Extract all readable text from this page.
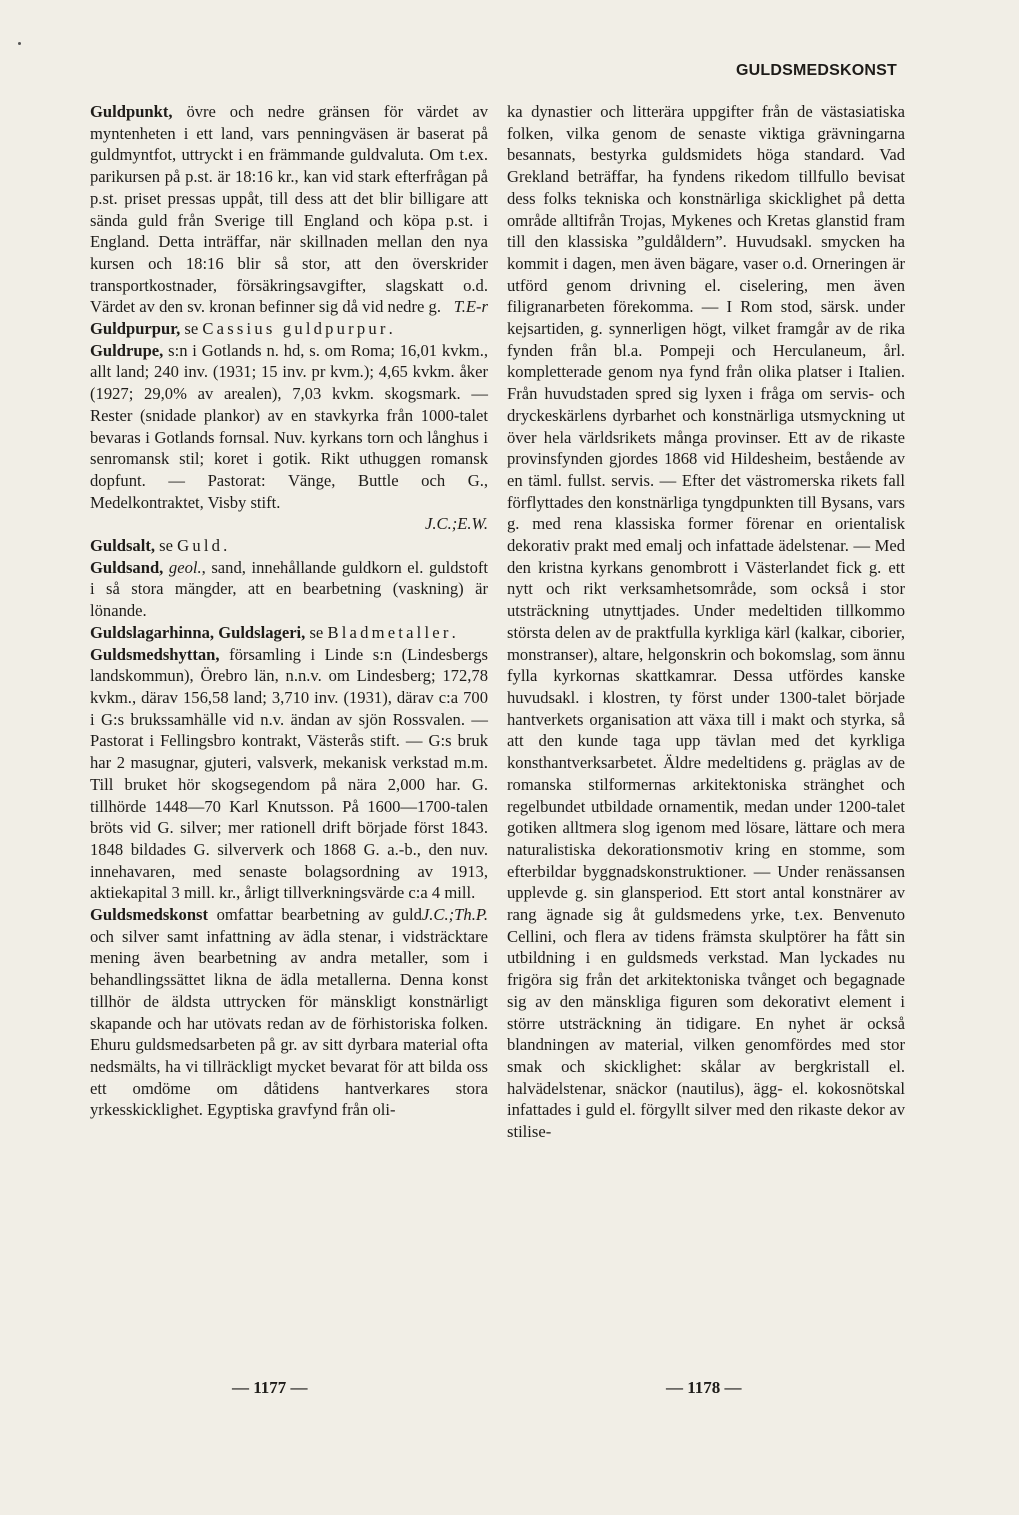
GULDSMEDSKONST

Guldpunkt, övre och nedre gränsen för värdet av myntenheten i ett land, vars penningväsen är baserat på guldmyntfot, uttryckt i en främmande guldvaluta. Om t.ex. parikursen på p.st. är 18:16 kr., kan vid stark efterfrågan på p.st. priset pressas uppåt, till dess att det blir billigare att sända guld från Sverige till England och köpa p.st. i England. Detta inträffar, när skillnaden mellan den nya kursen och 18:16 blir så stor, att den överskrider transportkostnader, försäkringsavgifter, slagskatt o.d. Värdet av den sv. kronan befinner sig då vid nedre g. T.E-r

Guldpurpur, se Cassius guldpurpur.

Guldrupe, s:n i Gotlands n. hd, s. om Roma; 16,01 kvkm., allt land; 240 inv. (1931; 15 inv. pr kvm.); 4,65 kvkm. åker (1927; 29,0% av arealen), 7,03 kvkm. skogsmark. — Rester (snidade plankor) av en stavkyrka från 1000-talet bevaras i Gotlands fornsal. Nuv. kyrkans torn och långhus i senromansk stil; koret i gotik. Rikt uthuggen romansk dopfunt. — Pastorat: Vänge, Buttle och G., Medelkontraktet, Visby stift.
J.C.;E.W.

Guldsalt, se Guld.

Guldsand, geol., sand, innehållande guldkorn el. guldstoft i så stora mängder, att en bearbetning (vaskning) är lönande.

Guldslagarhinna, Guldslageri, se Bladmetaller.

Guldsmedshyttan, församling i Linde s:n (Lindesbergs landskommun), Örebro län, n.n.v. om Lindesberg; 172,78 kvkm., därav 156,58 land; 3,710 inv. (1931), därav c:a 700 i G:s brukssamhälle vid n.v. ändan av sjön Rossvalen. — Pastorat i Fellingsbro kontrakt, Västerås stift. — G:s bruk har 2 masugnar, gjuteri, valsverk, mekanisk verkstad m.m. Till bruket hör skogsegendom på nära 2,000 har. G. tillhörde 1448—70 Karl Knutsson. På 1600—1700-talen bröts vid G. silver; mer rationell drift började först 1843. 1848 bildades G. silververk och 1868 G. a.-b., den nuv. innehavaren, med senaste bolagsordning av 1913, aktiekapital 3 mill. kr., årligt tillverkningsvärde c:a 4 mill.
J.C.;Th.P.

Guldsmedskonst omfattar bearbetning av guld och silver samt infattning av ädla stenar, i vidsträcktare mening även bearbetning av andra metaller, som i behandlingssättet likna de ädla metallerna. Denna konst tillhör de äldsta uttrycken för mänskligt konstnärligt skapande och har utövats redan av de förhistoriska folken. Ehuru guldsmedsarbeten på gr. av sitt dyrbara material ofta nedsmälts, ha vi tillräckligt mycket bevarat för att bilda oss ett omdöme om dåtidens hantverkares stora yrkesskicklighet. Egyptiska gravfynd från oli-

ka dynastier och litterära uppgifter från de västasiatiska folken, vilka genom de senaste viktiga grävningarna besannats, bestyrka guldsmidets höga standard. Vad Grekland beträffar, ha fyndens rikedom tillfullo bevisat dess folks tekniska och konstnärliga skicklighet på detta område alltifrån Trojas, Mykenes och Kretas glanstid fram till den klassiska ”guldåldern”. Huvudsakl. smycken ha kommit i dagen, men även bägare, vaser o.d. Orneringen är utförd genom drivning el. ciselering, men även filigranarbeten förekomma. — I Rom stod, särsk. under kejsartiden, g. synnerligen högt, vilket framgår av de rika fynden från bl.a. Pompeji och Herculaneum, årl. kompletterade genom nya fynd från olika platser i Italien. Från huvudstaden spred sig lyxen i fråga om servis- och dryckeskärlens dyrbarhet och konstnärliga utsmyckning ut över hela världsrikets många provinser. Ett av de rikaste provinsfynden gjordes 1868 vid Hildesheim, bestående av en täml. fullst. servis. — Efter det västromerska rikets fall förflyttades den konstnärliga tyngdpunkten till Bysans, vars g. med rena klassiska former förenar en orientalisk dekorativ prakt med emalj och infattade ädelstenar. — Med den kristna kyrkans genombrott i Västerlandet fick g. ett nytt och rikt verksamhetsområde, som också i stor utsträckning utnyttjades. Under medeltiden tillkommo största delen av de praktfulla kyrkliga kärl (kalkar, ciborier, monstranser), altare, helgonskrin och bokomslag, som ännu fylla kyrkornas skattkamrar. Dessa utfördes kanske huvudsakl. i klostren, ty först under 1300-talet började hantverkets organisation att växa till i makt och styrka, så att den kunde taga upp tävlan med det kyrkliga konsthantverksarbetet. Äldre medeltidens g. präglas av de romanska stilformernas arkitektoniska stränghet och regelbundet utbildade ornamentik, medan under 1200-talet gotiken alltmera slog igenom med lösare, lättare och mera naturalistiska dekorationsmotiv kring en stomme, som efterbildar byggnadskonstruktioner. — Under renässansen upplevde g. sin glansperiod. Ett stort antal konstnärer av rang ägnade sig åt guldsmedens yrke, t.ex. Benvenuto Cellini, och flera av tidens främsta skulptörer ha fått sin utbildning i en guldsmeds verkstad. Man lyckades nu frigöra sig från det arkitektoniska tvånget och begagnade sig av den mänskliga figuren som dekorativt element i större utsträckning än tidigare. En nyhet är också blandningen av material, vilken genomfördes med stor smak och skicklighet: skålar av bergkristall el. halvädelstenar, snäckor (nautilus), ägg- el. kokosnötskal infattades i guld el. förgyllt silver med den rikaste dekor av stilise-

— 1177 —	— 1178 —
